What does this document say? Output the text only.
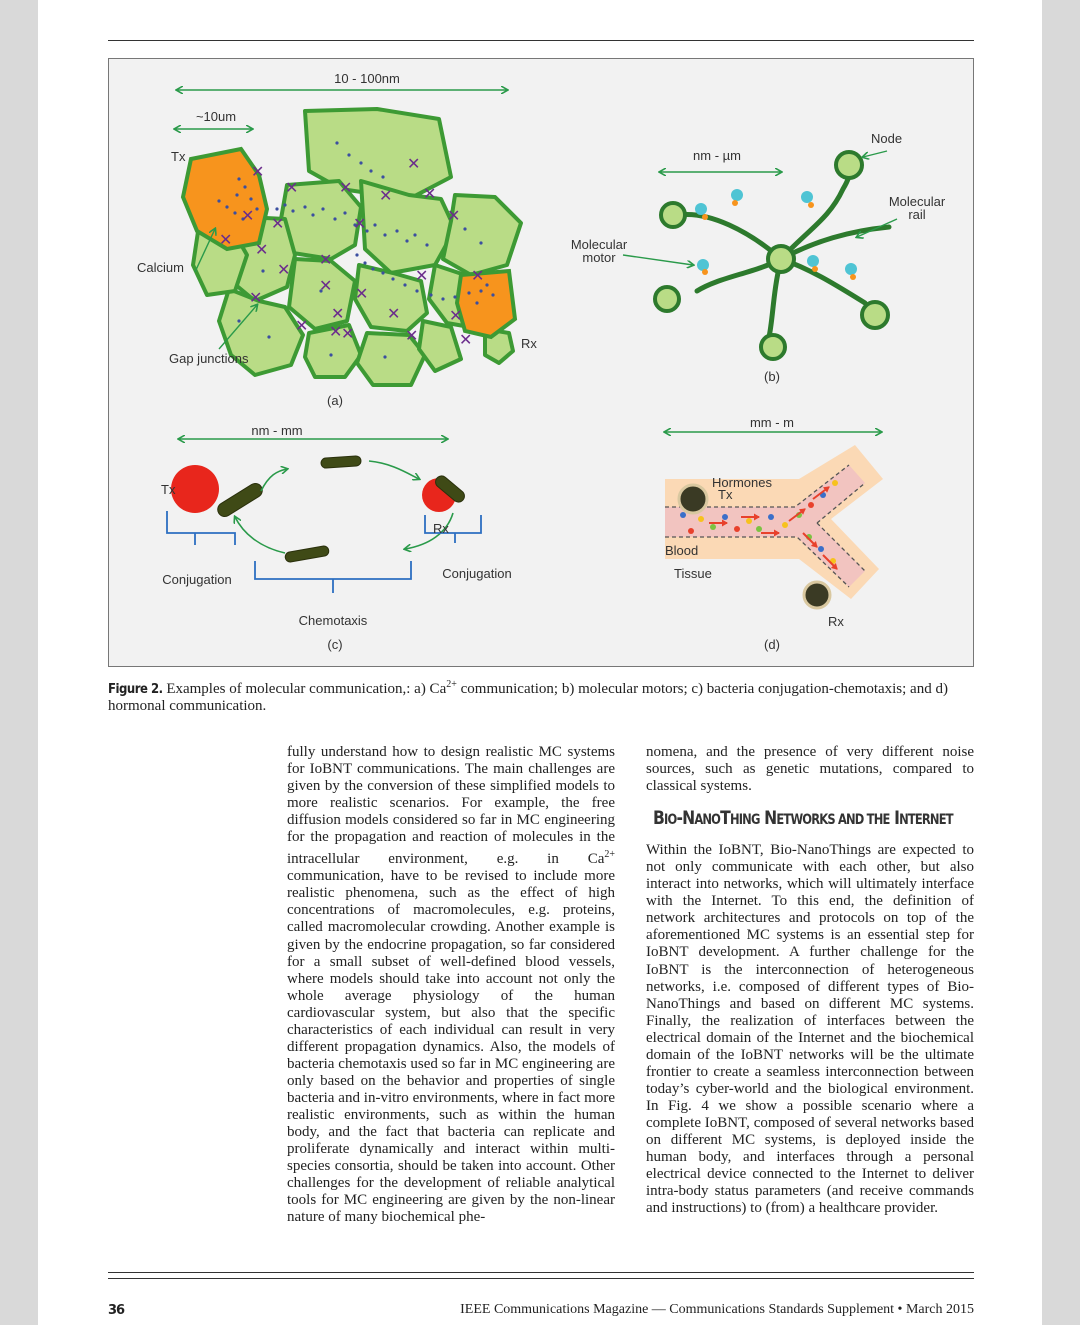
10 - 100nm
~10um
✕
✕	✕
✕
✕
✕
✕
✕	✕	✕
✕
✕
✕
✕
✕	✕
✕ ✕
✕
✕	✕
✕ ✕	✕
✕
✕
✕
Tx
Rx
Calcium
Gap junctions
(a)
nm - µm
Node
Molecular
rail
Molecular
motor
(b)
nm - mm
Tx
Rx
Conjugation	Conjugation
Chemotaxis
(c)
mm - m
Hormones
Tx
Rx
Blood
Tissue
(d)
Figure 2. Examples of molecular communication,: a) $Ca^{2+}$ communication; b) molecular motors; c) bacteria conjugation-chemotaxis; and d) hormonal communication.

fully understand how to design realistic MC systems for IoBNT communications. The main challenges are given by the conversion of these simplified models to more realistic scenarios. For example, the free diffusion models considered so far in MC engineering for the propagation and reaction of molecules in the intracellular environment, e.g. in $Ca^{2+}$ communication, have to be revised to include more realistic phenomena, such as the effect of high concentrations of macromolecules, e.g. proteins, called macromolecular crowding. Another example is given by the endocrine propagation, so far considered for a small subset of well-defined blood vessels, where models should take into account not only the whole average physiology of the human cardiovascular system, but also that the specific characteristics of each individual can result in very different propagation dynamics. Also, the models of bacteria chemotaxis used so far in MC engineering are only based on the behavior and properties of single bacteria and in-vitro environments, where in fact more realistic environments, such as within the human body, and the fact that bacteria can replicate and proliferate dynamically and interact within multi-species consortia, should be taken into account. Other challenges for the development of reliable analytical tools for MC engineering are given by the non-linear nature of many biochemical phe-

nomena, and the presence of very different noise sources, such as genetic mutations, compared to classical systems.

BIO-NANOTHING NETWORKS AND THE INTERNET

Within the IoBNT, Bio-NanoThings are expected to not only communicate with each other, but also interact into networks, which will ultimately interface with the Internet. To this end, the definition of network architectures and protocols on top of the aforementioned MC systems is an essential step for IoBNT development. A further challenge for the IoBNT is the interconnection of heterogeneous networks, i.e. composed of different types of Bio-NanoThings and based on different MC systems. Finally, the realization of interfaces between the electrical domain of the Internet and the biochemical domain of the IoBNT networks will be the ultimate frontier to create a seamless interconnection between today’s cyber-world and the biological environment. In Fig. 4 we show a possible scenario where a complete IoBNT, composed of several networks based on different MC systems, is deployed inside the human body, and interfaces through a personal electrical device connected to the Internet to deliver intra-body status parameters (and receive commands and instructions) to (from) a healthcare provider.

36	IEEE Communications Magazine — Communications Standards Supplement • March 2015
